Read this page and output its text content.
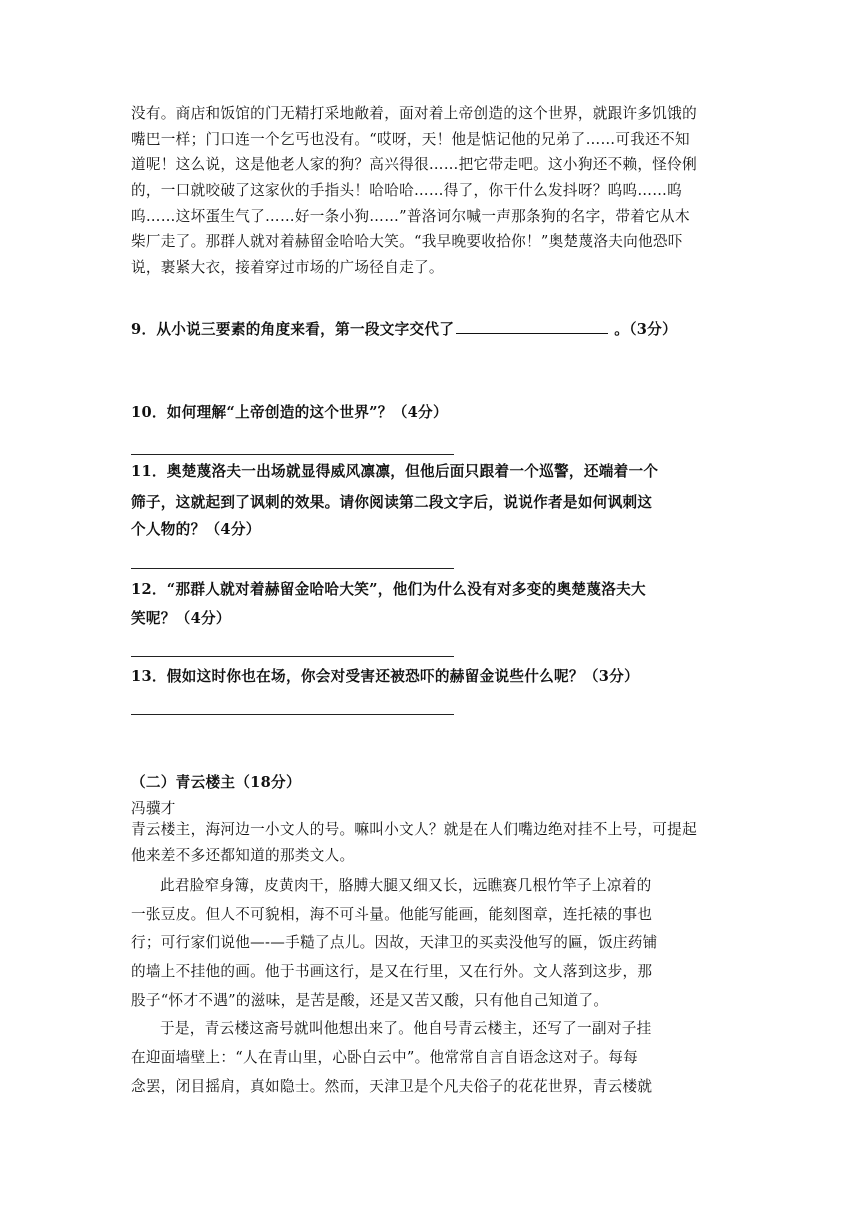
没有。商店和饭馆的门无精打采地敞着，面对着上帝创造的这个世界，就跟许多饥饿的
嘴巴一样；门口连一个乞丐也没有。“哎呀，天！他是惦记他的兄弟了……可我还不知
道呢！这么说，这是他老人家的狗？高兴得很……把它带走吧。这小狗还不赖，怪伶俐
的，一口就咬破了这家伙的手指头！哈哈哈……得了，你干什么发抖呀？呜呜……呜
呜……这坏蛋生气了……好一条小狗……”普洛诃尔喊一声那条狗的名字，带着它从木
柴厂走了。那群人就对着赫留金哈哈大笑。“我早晚要收拾你！”奥楚蔑洛夫向他恐吓
说，裹紧大衣，接着穿过市场的广场径自走了。
9．从小说三要素的角度来看，第一段文字交代了	。（3分）
10．如何理解“上帝创造的这个世界”？（4分）
11．奥楚蔑洛夫一出场就显得威风凛凛，但他后面只跟着一个巡警，还端着一个
筛子，这就起到了讽刺的效果。请你阅读第二段文字后，说说作者是如何讽刺这
个人物的？（4分）
12．“那群人就对着赫留金哈哈大笑”，他们为什么没有对多变的奥楚蔑洛夫大
笑呢？（4分）
13．假如这时你也在场，你会对受害还被恐吓的赫留金说些什么呢？（3分）
（二）青云楼主（18分）
冯骥才
青云楼主，海河边一小文人的号。嘛叫小文人？就是在人们嘴边绝对挂不上号，可提起
他来差不多还都知道的那类文人。
此君脸窄身簿，皮黄肉干，胳膊大腿又细又长，远瞧赛几根竹竿子上凉着的
一张豆皮。但人不可貌相，海不可斗量。他能写能画，能刻图章，连托裱的事也
行；可行家们说他—-—手糙了点儿。因故，天津卫的买卖没他写的匾，饭庄药铺
的墙上不挂他的画。他于书画这行，是又在行里，又在行外。文人落到这步，那
股子“怀才不遇”的滋味，是苦是酸，还是又苦又酸，只有他自己知道了。
于是，青云楼这斋号就叫他想出来了。他自号青云楼主，还写了一副对子挂
在迎面墙壁上：“人在青山里，心卧白云中”。他常常自言自语念这对子。每每
念罢，闭目摇肩，真如隐士。然而，天津卫是个凡夫俗子的花花世界，青云楼就
